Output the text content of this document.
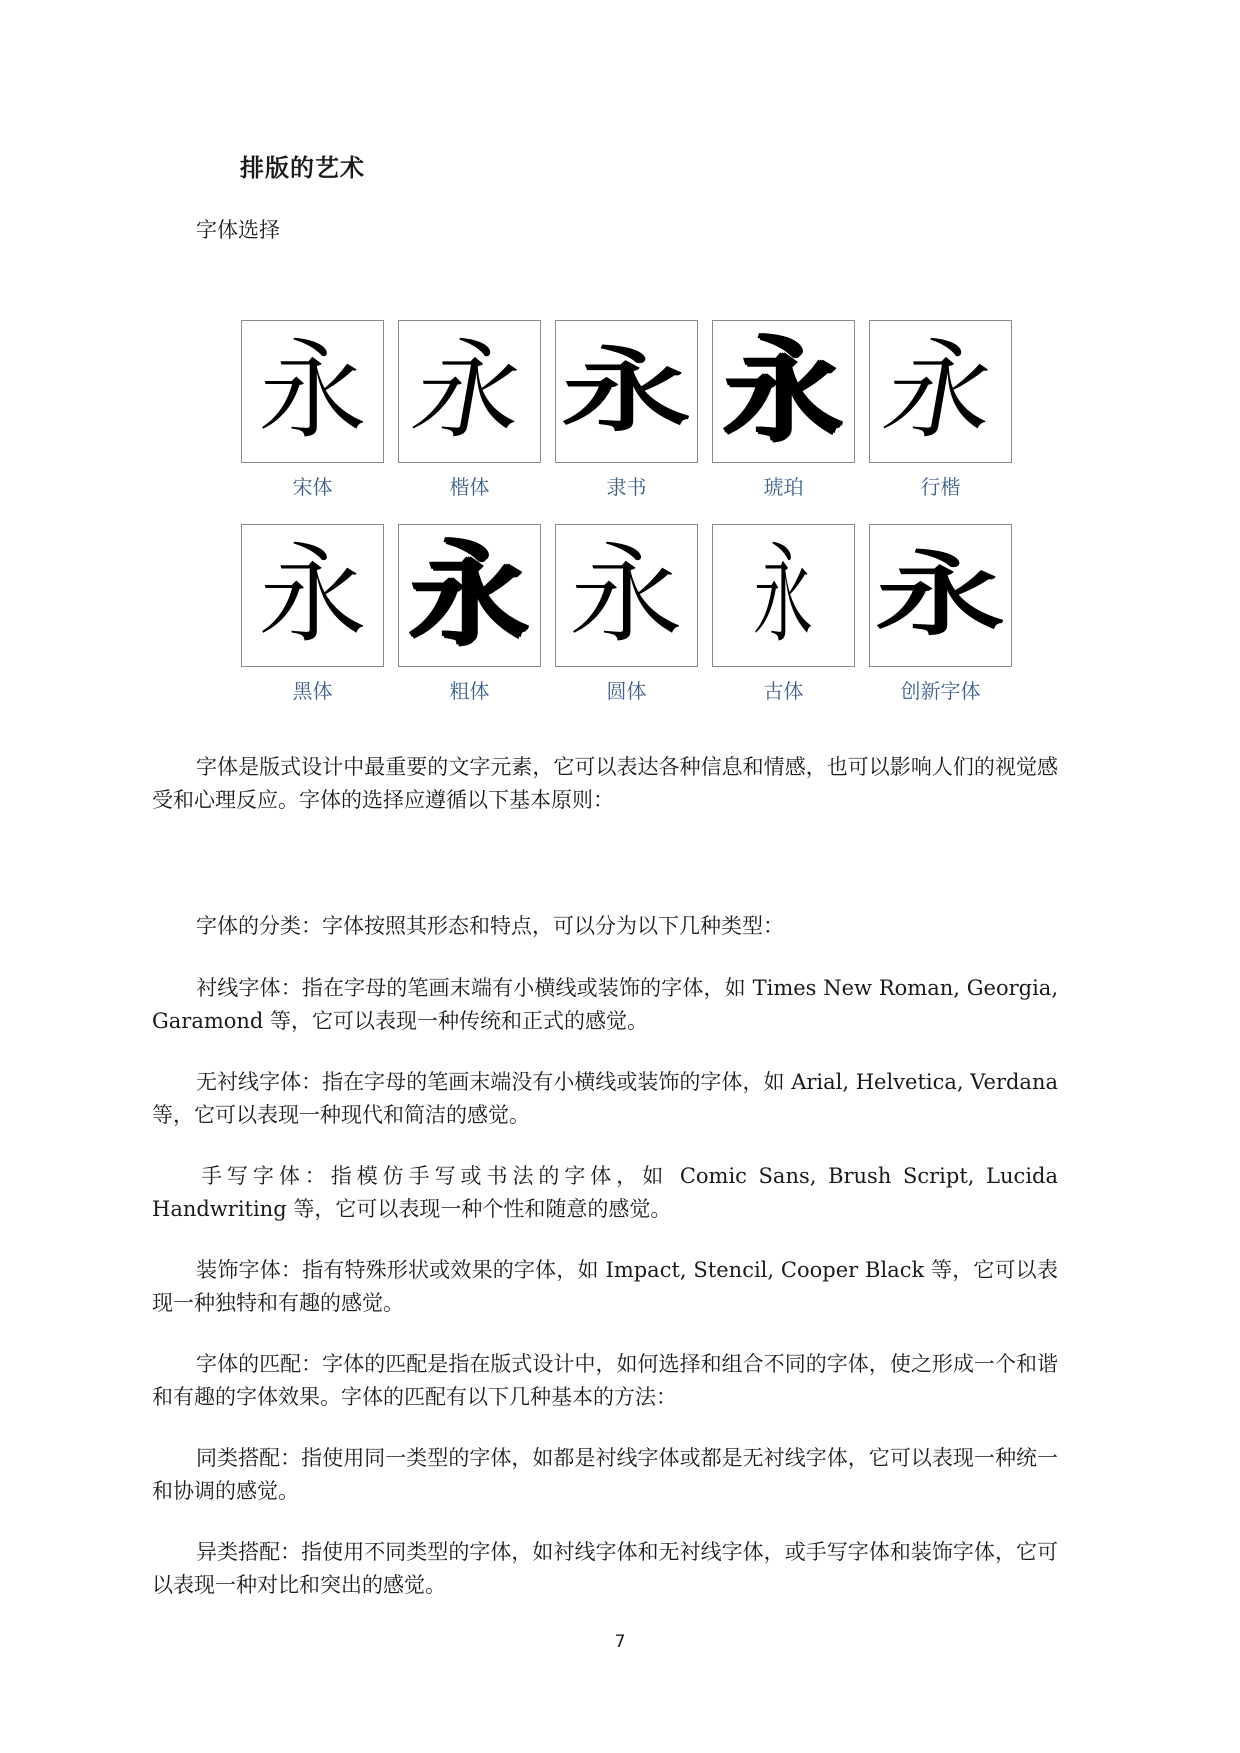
排版的艺术

字体选择

永
宋体
永
楷体
永
隶书
永
琥珀
永
行楷
永
黑体
永
粗体
永
圆体
永
古体
永
创新字体

字体是版式设计中最重要的文字元素，它可以表达各种信息和情感，也可以影响人们的视觉感受和心理反应。字体的选择应遵循以下基本原则：

字体的分类：字体按照其形态和特点，可以分为以下几种类型：

衬线字体：指在字母的笔画末端有小横线或装饰的字体，如 Times New Roman, Georgia, Garamond 等，它可以表现一种传统和正式的感觉。

无衬线字体：指在字母的笔画末端没有小横线或装饰的字体，如 Arial, Helvetica, Verdana 等，它可以表现一种现代和简洁的感觉。

手写字体：指模仿手写或书法的字体，如 Comic Sans, Brush Script, Lucida Handwriting 等，它可以表现一种个性和随意的感觉。

装饰字体：指有特殊形状或效果的字体，如 Impact, Stencil, Cooper Black 等，它可以表现一种独特和有趣的感觉。

字体的匹配：字体的匹配是指在版式设计中，如何选择和组合不同的字体，使之形成一个和谐和有趣的字体效果。字体的匹配有以下几种基本的方法：

同类搭配：指使用同一类型的字体，如都是衬线字体或都是无衬线字体，它可以表现一种统一和协调的感觉。

异类搭配：指使用不同类型的字体，如衬线字体和无衬线字体，或手写字体和装饰字体，它可以表现一种对比和突出的感觉。

7
